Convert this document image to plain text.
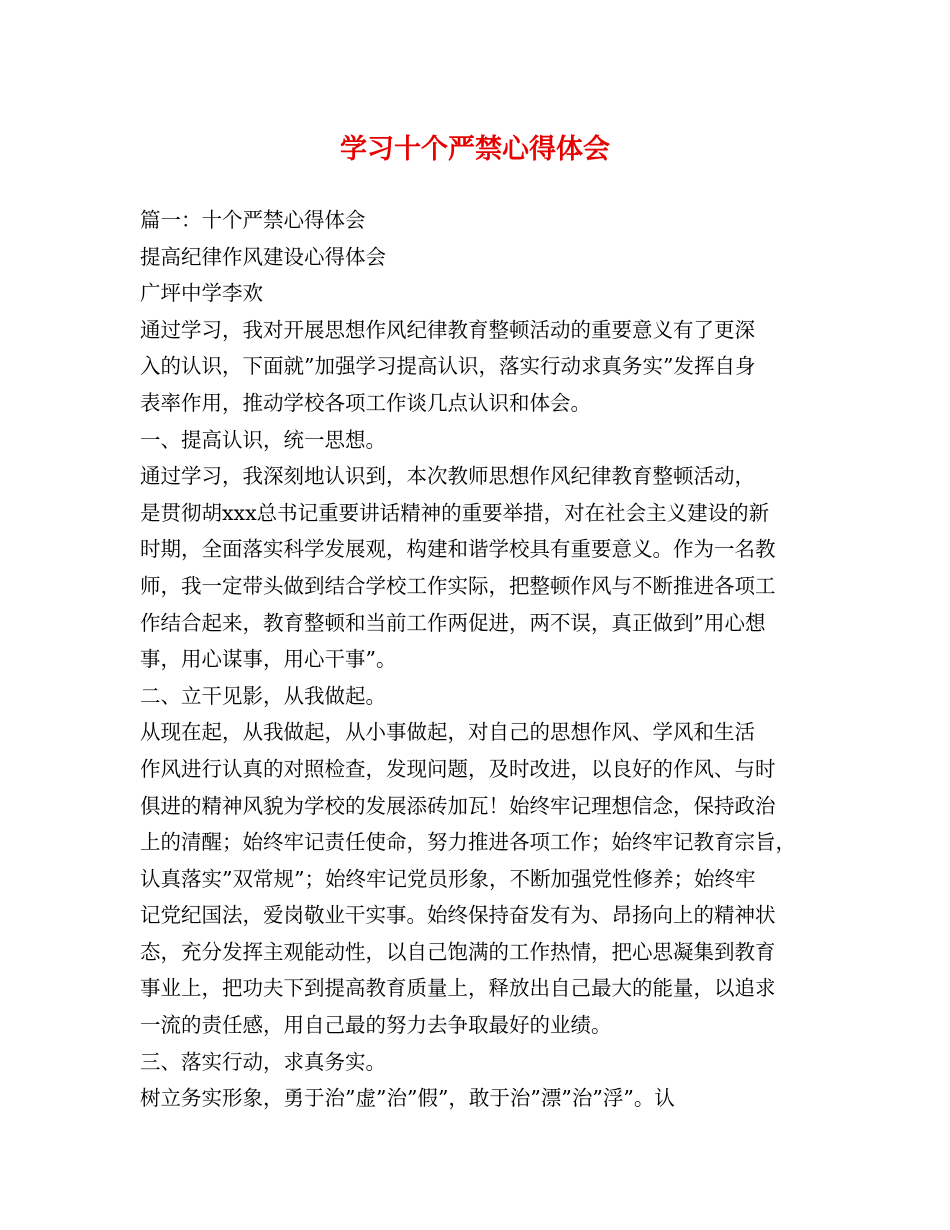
学习十个严禁心得体会
篇一：十个严禁心得体会
提高纪律作风建设心得体会
广坪中学李欢
通过学习，我对开展思想作风纪律教育整顿活动的重要意义有了更深
入的认识，下面就”加强学习提高认识，落实行动求真务实”发挥自身
表率作用，推动学校各项工作谈几点认识和体会。
一、提高认识，统一思想。
通过学习，我深刻地认识到，本次教师思想作风纪律教育整顿活动，
是贯彻胡xxx总书记重要讲话精神的重要举措，对在社会主义建设的新
时期，全面落实科学发展观，构建和谐学校具有重要意义。作为一名教
师，我一定带头做到结合学校工作实际，把整顿作风与不断推进各项工
作结合起来，教育整顿和当前工作两促进，两不误，真正做到”用心想
事，用心谋事，用心干事”。
二、立干见影，从我做起。
从现在起，从我做起，从小事做起，对自己的思想作风、学风和生活
作风进行认真的对照检查，发现问题，及时改进，以良好的作风、与时
俱进的精神风貌为学校的发展添砖加瓦！始终牢记理想信念，保持政治
上的清醒；始终牢记责任使命，努力推进各项工作；始终牢记教育宗旨，
认真落实”双常规”；始终牢记党员形象，不断加强党性修养；始终牢
记党纪国法，爱岗敬业干实事。始终保持奋发有为、昂扬向上的精神状
态，充分发挥主观能动性，以自己饱满的工作热情，把心思凝集到教育
事业上，把功夫下到提高教育质量上，释放出自己最大的能量，以追求
一流的责任感，用自己最的努力去争取最好的业绩。
三、落实行动，求真务实。
树立务实形象，勇于治”虚”治”假”，敢于治”漂”治”浮”。认
